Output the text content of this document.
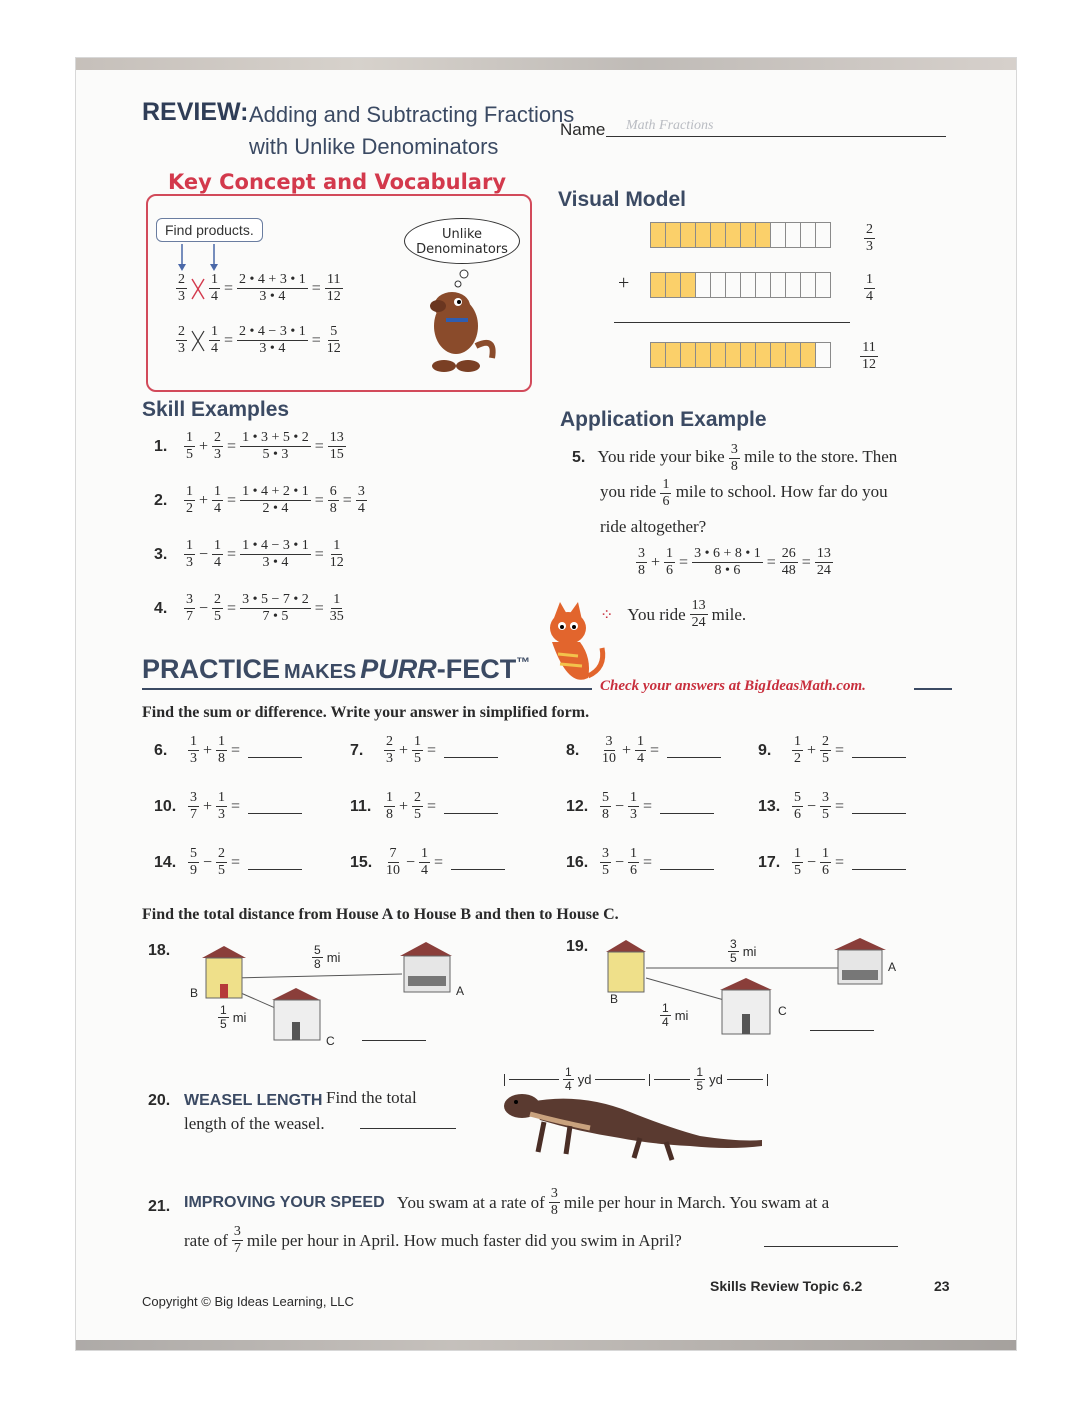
REVIEW: Adding and Subtracting Fractions
with Unlike Denominators
Name	Math Fractions
Key Concept and Vocabulary
Find products.
$\frac{2}{3} \frac{1}{4} = \frac{2 • 4 + 3 • 1}{3 • 4} = \frac{11}{12}$
$\frac{2}{3} \frac{1}{4} = \frac{2 • 4 - 3 • 1}{3 • 4} = \frac{5}{12}$
Unlike
Denominators
Visual Model
+
$\frac{2}{3}$
$\frac{1}{4}$
$\frac{11}{12}$
Skill Examples
1.	$\frac{1}{5} + \frac{2}{3} = \frac{1 • 3 + 5 • 2}{5 • 3} = \frac{13}{15}$
2.	$\frac{1}{2} + \frac{1}{4} = \frac{1 • 4 + 2 • 1}{2 • 4} = \frac{6}{8} = \frac{3}{4}$
3.	$\frac{1}{3} - \frac{1}{4} = \frac{1 • 4 - 3 • 1}{3 • 4} = \frac{1}{12}$
4.	$\frac{3}{7} - \frac{2}{5} = \frac{3 • 5 - 7 • 2}{7 • 5} = \frac{1}{35}$
Application Example
5. You ride your bike $\frac{3}{8}$ mile to the store. Then
you ride $\frac{1}{6}$ mile to school. How far do you
ride altogether?
$\frac{3}{8} + \frac{1}{6} = \frac{3 • 6 + 8 • 1}{8 • 6} = \frac{26}{48} = \frac{13}{24}$
⁘ You ride $\frac{13}{24}$ mile.
PRACTICE MAKES PURR-FECT™
Check your answers at BigIdeasMath.com.
Find the sum or difference. Write your answer in simplified form.
6.	$\frac{1}{3} + \frac{1}{8}$ =	7.	$\frac{2}{3} + \frac{1}{5}$ =	8.	$\frac{3}{10} + \frac{1}{4}$ =	9.	$\frac{1}{2} + \frac{2}{5}$ =
10. $\frac{3}{7} + \frac{1}{3}$ =	11. $\frac{1}{8} + \frac{2}{5}$ =	12. $\frac{5}{8} - \frac{1}{3}$ =	13. $\frac{5}{6} - \frac{3}{5}$ =
14. $\frac{5}{9} - \frac{2}{5}$ =	15. $\frac{7}{10} - \frac{1}{4}$ =	16. $\frac{3}{5} - \frac{1}{6}$ =	17. $\frac{1}{5} - \frac{1}{6}$ =
Find the total distance from House A to House B and then to House C.
18.
B	A
C
$\frac{5}{8}$ mi
$\frac{1}{5}$ mi
19.
B
A
C
$\frac{3}{5}$ mi
$\frac{1}{4}$ mi
$\frac{1}{4}$ yd	$\frac{1}{5}$ yd
20. WEASEL LENGTH Find the total
length of the weasel.
21. IMPROVING YOUR SPEED
You swam at a rate of $\frac{3}{8}$ mile per hour in March. You swam at a
rate of $\frac{3}{7}$ mile per hour in April. How much faster did you swim in April?
Copyright © Big Ideas Learning, LLC
Skills Review Topic 6.2	23
